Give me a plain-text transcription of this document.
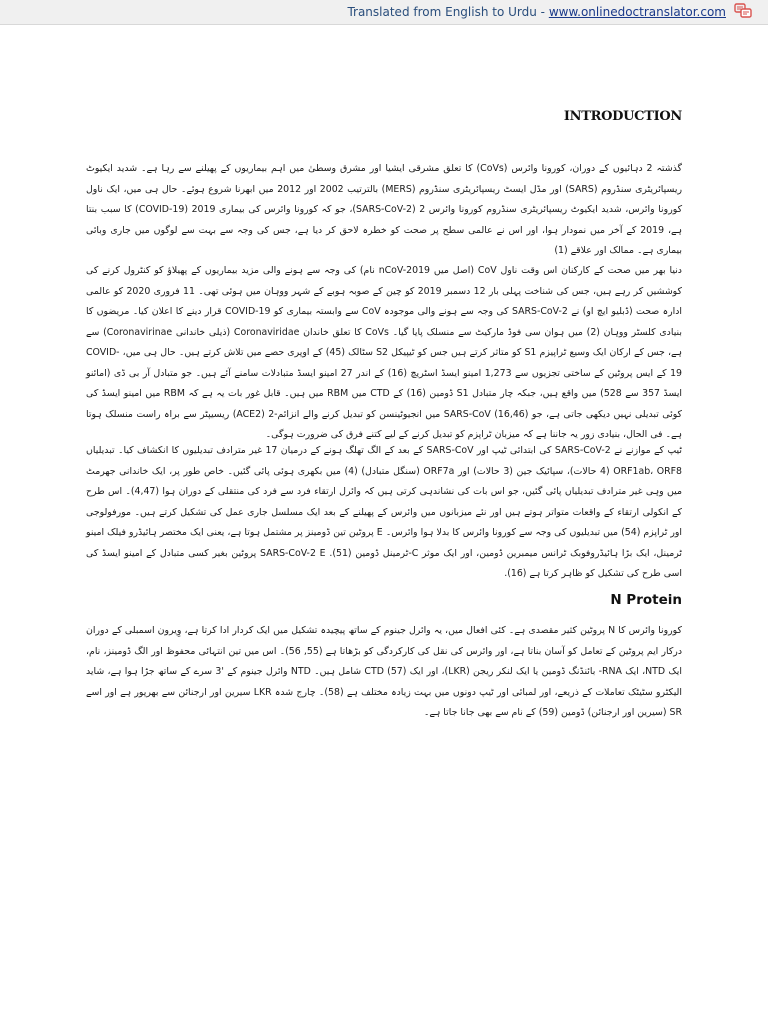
Translated from English to Urdu - www.onlinedoctranslator.com
INTRODUCTION

گذشتہ 2 دہائیوں کے دوران، کورونا وائرس (CoVs) کا تعلق مشرقی ایشیا اور مشرق وسطیٰ میں اہم بیماریوں کے پھیلنے سے رہا ہے۔ شدید ایکیوٹ ریسپائریٹری سنڈروم (SARS) اور مڈل ایسٹ ریسپائریٹری سنڈروم (MERS) بالترتیب 2002 اور 2012 میں ابھرنا شروع ہوئے۔ حال ہی میں، ایک ناول کورونا وائرس، شدید ایکیوٹ ریسپائریٹری سنڈروم کورونا وائرس 2 (SARS-CoV-2)، جو کہ کورونا وائرس کی بیماری 2019 (COVID-19) کا سبب بنتا ہے، 2019 کے آخر میں نمودار ہوا، اور اس نے عالمی سطح پر صحت کو خطرہ لاحق کر دیا ہے، جس کی وجہ سے بہت سے لوگوں میں جاری وبائی بیماری ہے۔ ممالک اور علاقے (1)

دنیا بھر میں صحت کے کارکنان اس وقت ناول CoV (اصل میں nCoV-2019 نام) کی وجہ سے ہونے والی مزید بیماریوں کے پھیلاؤ کو کنٹرول کرنے کی کوششیں کر رہے ہیں، جس کی شناخت پہلی بار 12 دسمبر 2019 کو چین کے صوبہ ہوبے کے شہر ووہان میں ہوئی تھی۔ 11 فروری 2020 کو عالمی ادارہ صحت (ڈبلیو ایچ او) نے SARS-CoV-2 کی وجہ سے ہونے والی موجودہ CoV سے وابستہ بیماری کو COVID-19 قرار دینے کا اعلان کیا۔ مریضوں کا بنیادی کلسٹر ووہان (2) میں ہوان سی فوڈ مارکیٹ سے منسلک پایا گیا۔ CoVs کا تعلق خاندان Coronaviridae (ذیلی خاندانی Coronavirinae) سے ہے، جس کے ارکان ایک وسیع ٹراپیزم S1 کو متاثر کرتے ہیں جس کو ٹیپیکل S2 سٹالک (45) کے اوپری حصے میں تلاش کرتے ہیں۔ حال ہی میں، COVID-19 کے ایس پروٹین کے ساختی تجزیوں سے 1,273 امینو ایسڈ اسٹریچ (16) کے اندر 27 امینو ایسڈ متبادلات سامنے آئے ہیں۔ جو متبادل آر بی ڈی (امائنو ایسڈ 357 سے 528) میں واقع ہیں، جبکہ چار متبادل S1 ڈومین (16) کے CTD میں RBM میں ہیں۔ قابل غور بات یہ ہے کہ RBM میں امینو ایسڈ کی کوئی تبدیلی نہیں دیکھی جاتی ہے، جو SARS-CoV (16,46) میں انجیوٹینسن کو تبدیل کرنے والے انزائم-2 (ACE2) ریسیپٹر سے براہ راست منسلک ہوتا ہے۔ فی الحال، بنیادی زور یہ جاننا ہے کہ میزبان ٹراپزم کو تبدیل کرنے کے لیے کتنے فرق کی ضرورت ہوگی۔

ٹیپ کے موازنے نے SARS-CoV-2 کی ابتدائی ٹیپ اور SARS-CoV کے بعد کے الگ تھلگ ہونے کے درمیان 17 غیر مترادف تبدیلیوں کا انکشاف کیا۔ تبدیلیاں ORF1ab، ORF8 (4 حالات)، سپائیک جین (3 حالات) اور ORF7a (سنگل متبادل) (4) میں بکھری ہوئی پائی گئیں۔ خاص طور پر، ایک خاندانی جھرمٹ میں وہی غیر مترادف تبدیلیاں پائی گئیں، جو اس بات کی نشاندہی کرتی ہیں کہ وائرل ارتقاء فرد سے فرد کی منتقلی کے دوران ہوا (4,47)۔ اس طرح کے انکولی ارتقاء کے واقعات متواتر ہوتے ہیں اور نئے میزبانوں میں وائرس کے پھیلنے کے بعد ایک مسلسل جاری عمل کی تشکیل کرتے ہیں۔ مورفولوجی اور ٹراپزم (54) میں تبدیلیوں کی وجہ سے کورونا وائرس کا بدلا ہوا وائرس۔ E پروٹین تین ڈومینز پر مشتمل ہوتا ہے، یعنی ایک مختصر ہائیڈرو فیلک امینو ٹرمینل، ایک بڑا ہائیڈروفوبک ٹرانس میمبرین ڈومین، اور ایک موثر C-ٹرمینل ڈومین (51). SARS-CoV-2 E پروٹین بغیر کسی متبادل کے امینو ایسڈ کی اسی طرح کی تشکیل کو ظاہر کرتا ہے (16).

N Protein

کورونا وائرس کا N پروٹین کثیر مقصدی ہے۔ کئی افعال میں، یہ وائرل جینوم کے ساتھ پیچیدہ تشکیل میں ایک کردار ادا کرتا ہے، وِیرون اسمبلی کے دوران درکار ایم پروٹین کے تعامل کو آسان بناتا ہے، اور وائرس کی نقل کی کارکردگی کو بڑھاتا ہے (55, 56)۔ اس میں تین انتہائی محفوظ اور الگ ڈومینز، نام، ایک NTD، ایک RNA- بائنڈنگ ڈومین یا ایک لنکر ریجن (LKR)، اور ایک CTD (57) شامل ہیں۔ NTD وائرل جینوم کے '3 سرے کے ساتھ جڑا ہوا ہے، شاید الیکٹرو سٹیٹک تعاملات کے ذریعے، اور لمبائی اور ٹیپ دونوں میں بہت زیادہ مختلف ہے (58)۔ چارج شدہ LKR سیرین اور ارجنائن سے بھرپور ہے اور اسے SR (سیرین اور ارجنائن) ڈومین (59) کے نام سے بھی جانا جاتا ہے۔
